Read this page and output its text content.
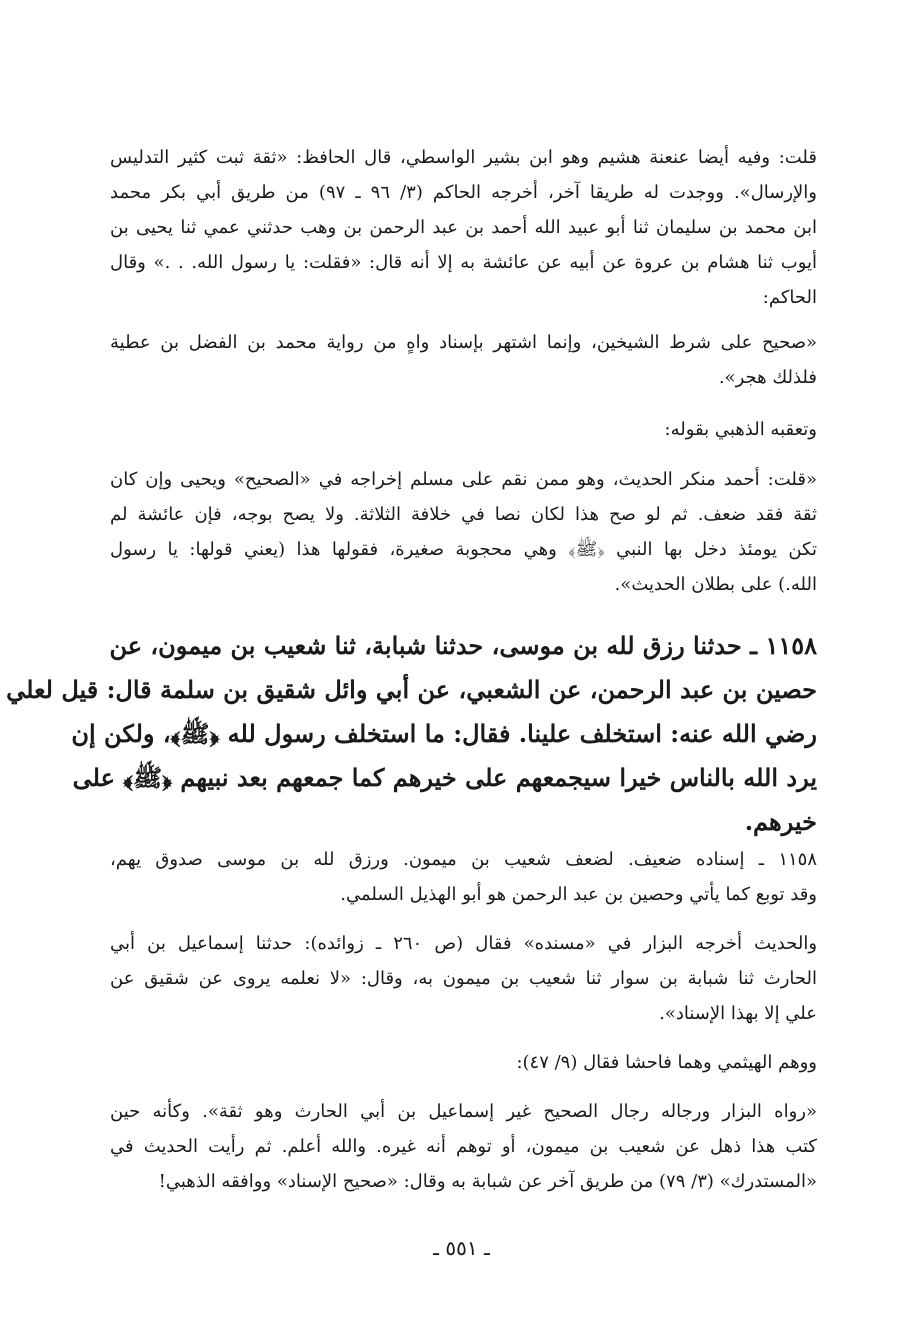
قلت: وفيه أيضا عنعنة هشيم وهو ابن بشير الواسطي، قال الحافظ: «ثقة ثبت كثير التدليس
والإرسال». ووجدت له طريقا آخر، أخرجه الحاكم (٣/ ٩٦ ـ ٩٧) من طريق أبي بكر محمد
ابن محمد بن سليمان ثنا أبو عبيد الله أحمد بن عبد الرحمن بن وهب حدثني عمي ثنا يحيى بن
أيوب ثنا هشام بن عروة عن أبيه عن عائشة به إلا أنه قال: «فقلت: يا رسول الله. . .» وقال
الحاكم:
«صحيح على شرط الشيخين، وإنما اشتهر بإسناد واهٍ من رواية محمد بن الفضل بن عطية
فلذلك هجر».
وتعقبه الذهبي بقوله:
«قلت: أحمد منكر الحديث، وهو ممن نقم على مسلم إخراجه في «الصحيح» ويحيى وإن كان
ثقة فقد ضعف. ثم لو صح هذا لكان نصا في خلافة الثلاثة. ولا يصح بوجه، فإن عائشة لم
تكن يومئذ دخل بها النبي ﴿ﷺ﴾ وهي محجوبة صغيرة، فقولها هذا (يعني قولها: يا رسول
الله.) على بطلان الحديث».
١١٥٨ ـ حدثنا رزق لله بن موسى، حدثنا شبابة، ثنا شعيب بن ميمون، عن
حصين بن عبد الرحمن، عن الشعبي، عن أبي وائل شقيق بن سلمة قال: قيل لعلي
رضي الله عنه: استخلف علينا. فقال: ما استخلف رسول لله ﴿ﷺ﴾، ولكن إن
يرد الله بالناس خيرا سيجمعهم على خيرهم كما جمعهم بعد نبيهم ﴿ﷺ﴾ على
خيرهم.
١١٥٨ ـ إسناده ضعيف. لضعف شعيب بن ميمون. ورزق لله بن موسى صدوق يهم،
وقد توبع كما يأتي وحصين بن عبد الرحمن هو أبو الهذيل السلمي.
والحديث أخرجه البزار في «مسنده» فقال (ص ٢٦٠ ـ زوائده): حدثنا إسماعيل بن أبي
الحارث ثنا شبابة بن سوار ثنا شعيب بن ميمون به، وقال: «لا نعلمه يروى عن شقيق عن
علي إلا بهذا الإسناد».
ووهم الهيثمي وهما فاحشا فقال (٩/ ٤٧):
«رواه البزار ورجاله رجال الصحيح غير إسماعيل بن أبي الحارث وهو ثقة». وكأنه حين
كتب هذا ذهل عن شعيب بن ميمون، أو توهم أنه غيره. والله أعلم. ثم رأيت الحديث في
«المستدرك» (٣/ ٧٩) من طريق آخر عن شبابة به وقال: «صحيح الإسناد» ووافقه الذهبي!
ـ ٥٥١ ـ
